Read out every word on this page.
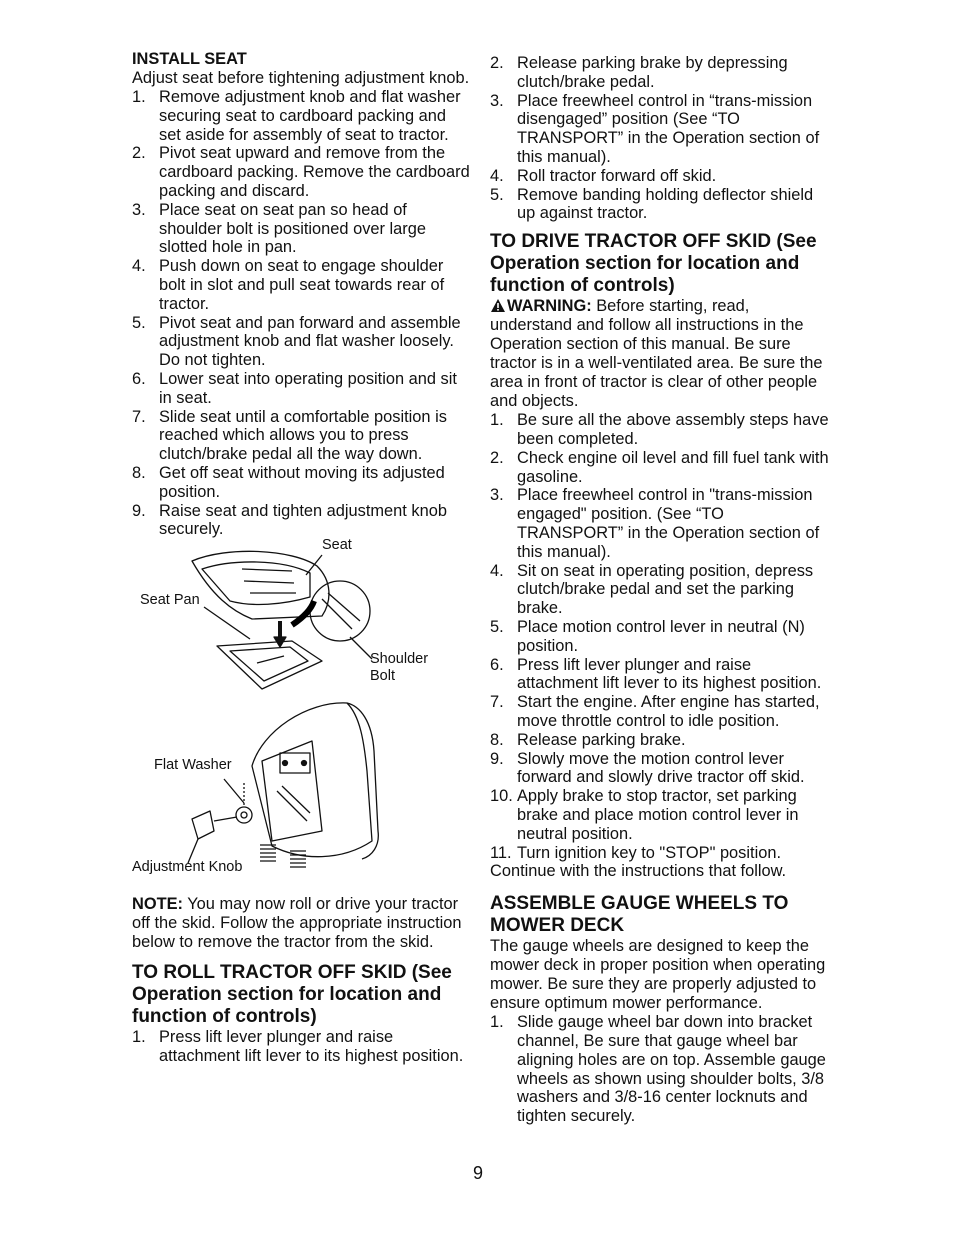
INSTALL SEAT

Adjust seat before tightening adjustment knob.

1. Remove adjustment knob and flat washer securing seat to cardboard packing and set aside for assembly of seat to tractor.
2. Pivot seat upward and remove from the cardboard packing. Remove the cardboard packing and discard.
3. Place seat on seat pan so head of shoulder bolt is positioned over large slotted hole in pan.
4. Push down on seat to engage shoulder bolt in slot and pull seat towards rear of tractor.
5. Pivot seat and pan forward and assemble adjustment knob and flat washer loosely. Do not tighten.
6. Lower seat into operating position and sit in seat.
7. Slide seat until a comfortable position is reached which allows you to press clutch/brake pedal all the way down.
8. Get off seat without moving its adjusted position.
9. Raise seat and tighten adjustment knob securely.
Seat
Seat Pan
Shoulder
Bolt
Flat Washer
Adjustment Knob

NOTE: You may now roll or drive your tractor off the skid. Follow the appropriate instruction below to remove the tractor from the skid.

TO ROLL TRACTOR OFF SKID (See Operation section for location and function of controls)

1. Press lift lever plunger and raise attachment lift lever to its highest position.
2. Release parking brake by depressing clutch/brake pedal.
3. Place freewheel control in “trans-mission disengaged” position (See “TO TRANSPORT” in the Operation section of this manual).
4. Roll tractor forward off skid.
5. Remove banding holding deflector shield up against tractor.

TO DRIVE TRACTOR OFF SKID (See Operation section for location and function of controls)

WARNING: Before starting, read, understand and follow all instructions in the Operation section of this manual. Be sure tractor is in a well-ventilated area. Be sure the area in front of tractor is clear of other people and objects.

1. Be sure all the above assembly steps have been completed.
2. Check engine oil level and fill fuel tank with gasoline.
3. Place freewheel control in "trans-mission engaged" position. (See “TO TRANSPORT” in the Operation section of this manual).
4. Sit on seat in operating position, depress clutch/brake pedal and set the parking brake.
5. Place motion control lever in neutral (N) position.
6. Press lift lever plunger and raise attachment lift lever to its highest position.
7. Start the engine. After engine has started, move throttle control to idle position.
8. Release parking brake.
9. Slowly move the motion control lever forward and slowly drive tractor off skid.
10. Apply brake to stop tractor, set parking brake and place motion control lever in neutral position.
11. Turn ignition key to "STOP" position.

Continue with the instructions that follow.

ASSEMBLE GAUGE WHEELS TO MOWER DECK

The gauge wheels are designed to keep the mower deck in proper position when operating mower. Be sure they are properly adjusted to ensure optimum mower performance.

1. Slide gauge wheel bar down into bracket channel, Be sure that gauge wheel bar aligning holes are on top. Assemble gauge wheels as shown using shoulder bolts, 3/8 washers and 3/8-16 center locknuts and tighten securely.
9
